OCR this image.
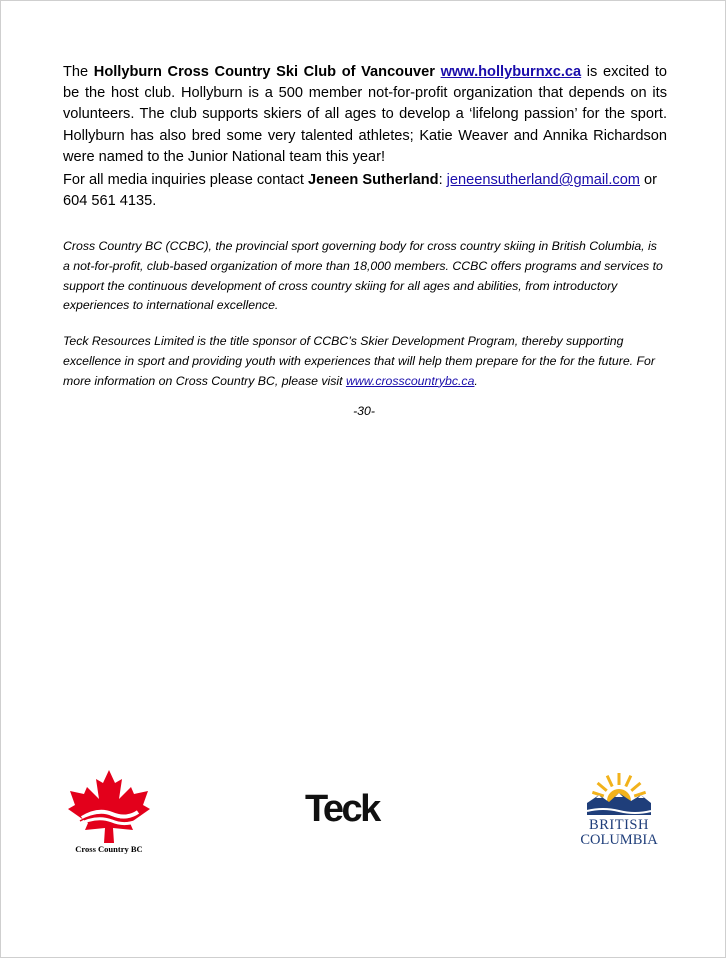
The Hollyburn Cross Country Ski Club of Vancouver www.hollyburnxc.ca is excited to be the host club. Hollyburn is a 500 member not-for-profit organization that depends on its volunteers. The club supports skiers of all ages to develop a ‘lifelong passion’ for the sport. Hollyburn has also bred some very talented athletes; Katie Weaver and Annika Richardson were named to the Junior National team this year!

For all media inquiries please contact Jeneen Sutherland: jeneensutherland@gmail.com or 604 561 4135.

Cross Country BC (CCBC), the provincial sport governing body for cross country skiing in British Columbia, is a not-for-profit, club-based organization of more than 18,000 members. CCBC offers programs and services to support the continuous development of cross country skiing for all ages and abilities, from introductory experiences to international excellence.

Teck Resources Limited is the title sponsor of CCBC’s Skier Development Program, thereby supporting excellence in sport and providing youth with experiences that will help them prepare for the for the future. For more information on Cross Country BC, please visit www.crosscountrybc.ca.

-30-
Cross Country BC
Teck	BRITISH
COLUMBIA
